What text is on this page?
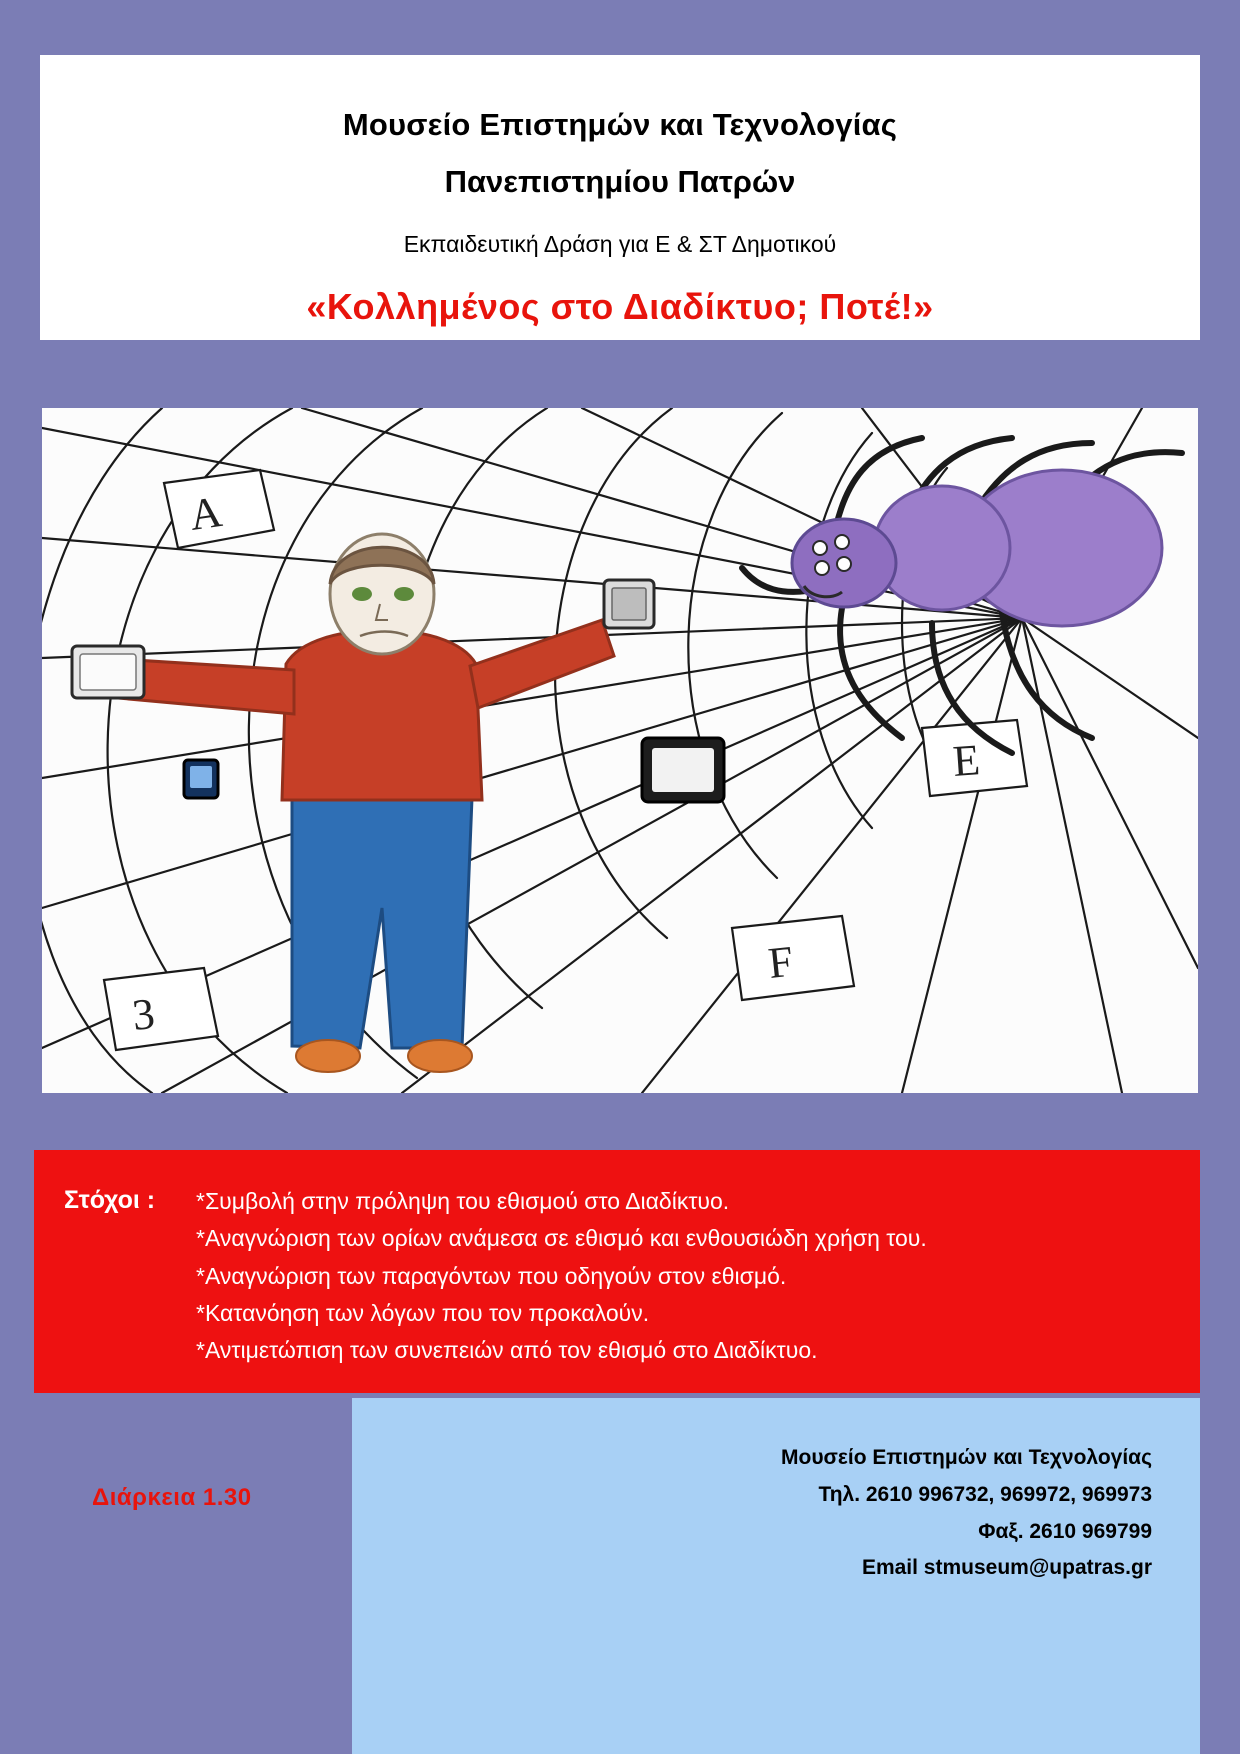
Μουσείο Επιστημών και Τεχνολογίας
Πανεπιστημίου Πατρών
Εκπαιδευτική Δράση για Ε & ΣΤ Δημοτικού
«Κολλημένος στο Διαδίκτυο; Ποτέ!»
A
E
F
3
Στόχοι : *Συμβολή στην πρόληψη του εθισμού στο Διαδίκτυο.
*Αναγνώριση των ορίων ανάμεσα σε εθισμό και ενθουσιώδη χρήση του.
*Αναγνώριση των παραγόντων που οδηγούν στον εθισμό.
*Κατανόηση των λόγων που τον προκαλούν.
*Αντιμετώπιση των συνεπειών από τον εθισμό στο Διαδίκτυο.
Μουσείο Επιστημών και Τεχνολογίας
Τηλ. 2610 996732, 969972, 969973
Φαξ. 2610 969799
Email stmuseum@upatras.gr
Διάρκεια 1.30
